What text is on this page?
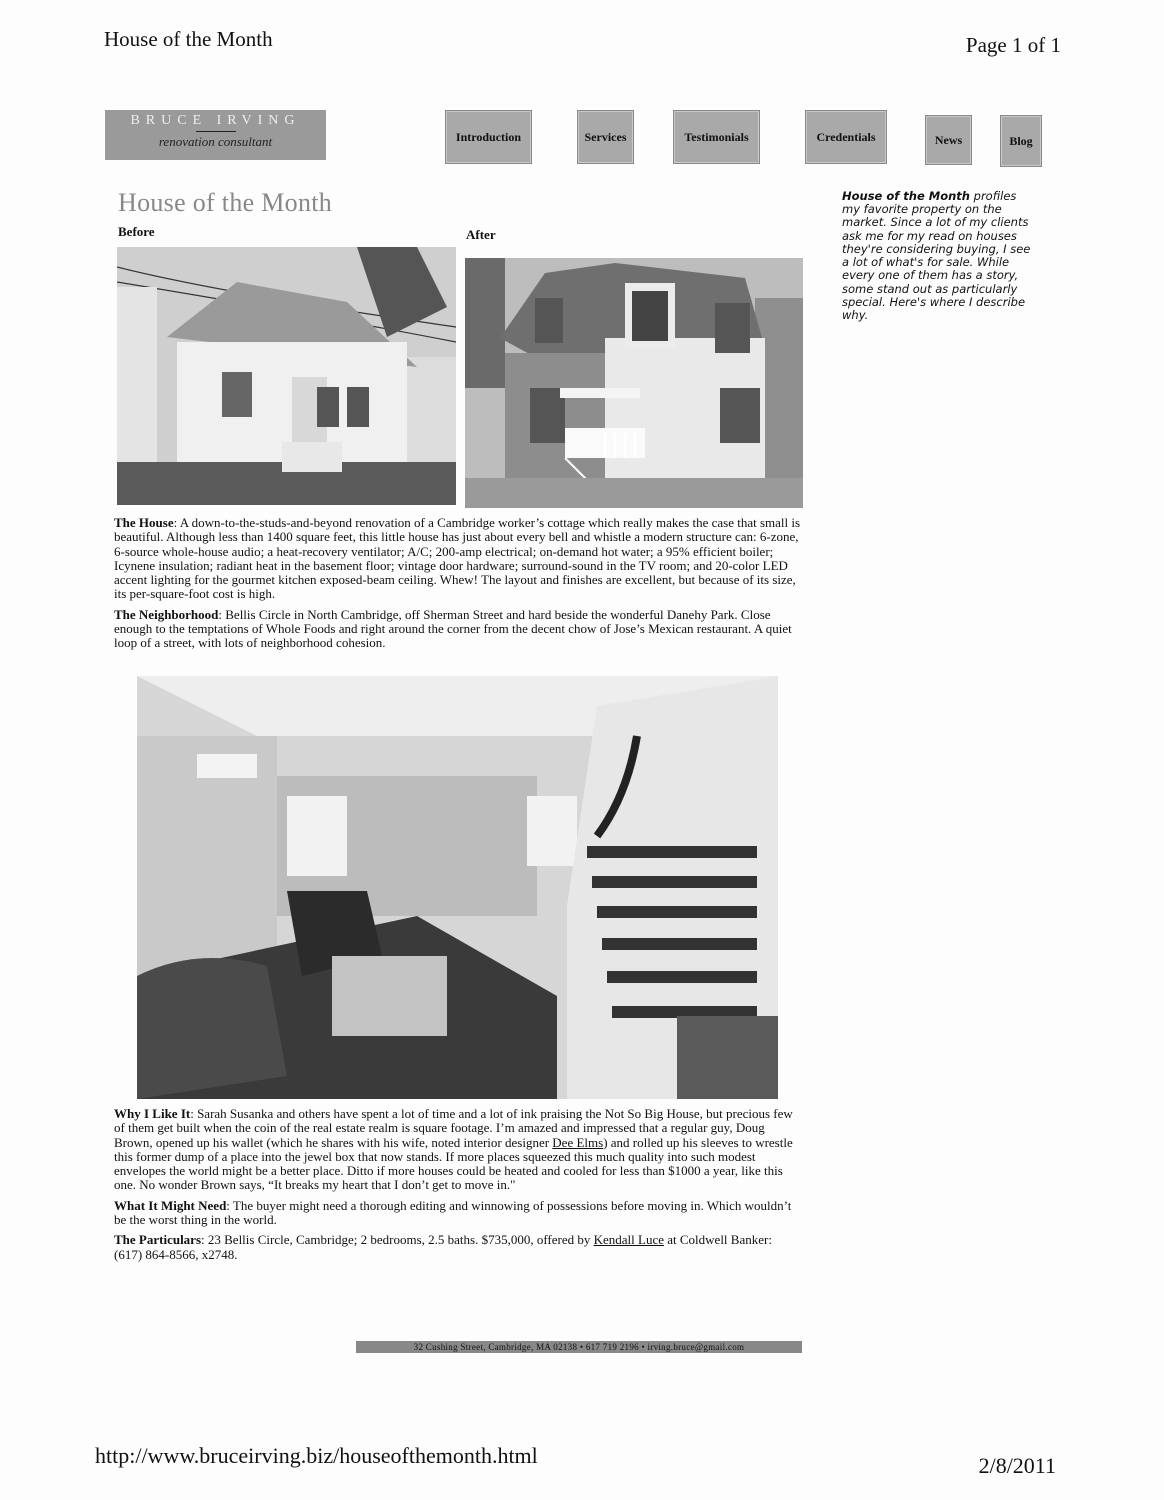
House of the Month	Page 1 of 1
BRUCE IRVING
renovation consultant	Introduction	Services	Testimonials	Credentials	News	Blog
House of the Month
Before	After
House of the Month profiles my favorite property on the market. Since a lot of my clients ask me for my read on houses they're considering buying, I see a lot of what's for sale. While every one of them has a story, some stand out as particularly special. Here's where I describe why.

The House: A down-to-the-studs-and-beyond renovation of a Cambridge worker’s cottage which really makes the case that small is beautiful. Although less than 1400 square feet, this little house has just about every bell and whistle a modern structure can: 6-zone, 6-source whole-house audio; a heat-recovery ventilator; A/C; 200-amp electrical; on-demand hot water; a 95% efficient boiler; Icynene insulation; radiant heat in the basement floor; vintage door hardware; surround-sound in the TV room; and 20-color LED accent lighting for the gourmet kitchen exposed-beam ceiling. Whew! The layout and finishes are excellent, but because of its size, its per-square-foot cost is high.

The Neighborhood: Bellis Circle in North Cambridge, off Sherman Street and hard beside the wonderful Danehy Park. Close enough to the temptations of Whole Foods and right around the corner from the decent chow of Jose’s Mexican restaurant. A quiet loop of a street, with lots of neighborhood cohesion.

Why I Like It: Sarah Susanka and others have spent a lot of time and a lot of ink praising the Not So Big House, but precious few of them get built when the coin of the real estate realm is square footage. I’m amazed and impressed that a regular guy, Doug Brown, opened up his wallet (which he shares with his wife, noted interior designer Dee Elms) and rolled up his sleeves to wrestle this former dump of a place into the jewel box that now stands. If more places squeezed this much quality into such modest envelopes the world might be a better place. Ditto if more houses could be heated and cooled for less than $1000 a year, like this one. No wonder Brown says, “It breaks my heart that I don’t get to move in."

What It Might Need: The buyer might need a thorough editing and winnowing of possessions before moving in. Which wouldn’t be the worst thing in the world.

The Particulars: 23 Bellis Circle, Cambridge; 2 bedrooms, 2.5 baths. $735,000, offered by Kendall Luce at Coldwell Banker: (617) 864-8566, x2748.

32 Cushing Street, Cambridge, MA 02138 • 617 719 2196 • irving.bruce@gmail.com
http://www.bruceirving.biz/houseofthemonth.html	2/8/2011
